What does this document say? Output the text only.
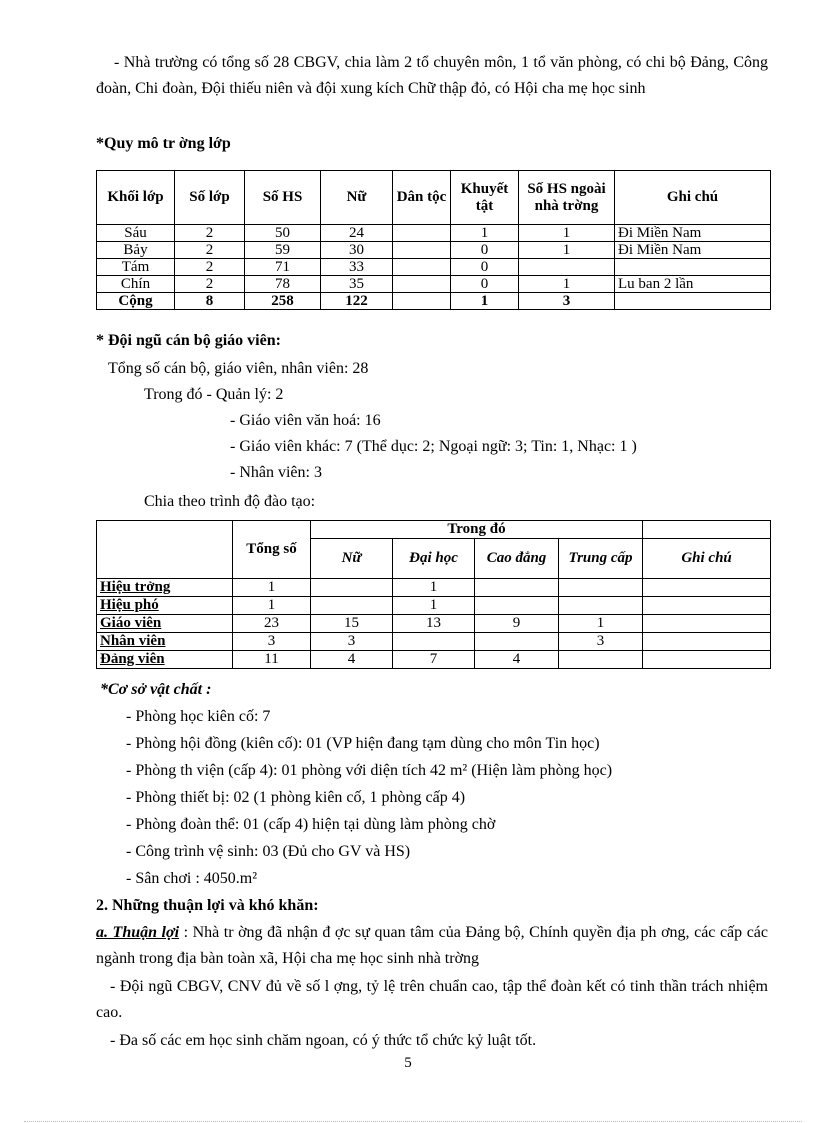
- Nhà trường có tổng số 28 CBGV, chia làm 2 tổ chuyên môn, 1 tổ văn phòng, có chi bộ Đảng, Công đoàn, Chi đoàn, Đội thiếu niên và đội xung kích Chữ thập đỏ, có Hội cha mẹ học sinh
*Quy mô tr ờng lớp
Khối lớp	Số lớp	Số HS	Nữ	Dân tộc	Khuyết tật	Số HS ngoài nhà trờng	Ghi chú
Sáu	2	50	24		1	1	Đi Miền Nam
Bảy	2	59	30		0	1	Đi Miền Nam
Tám	2	71	33		0		
Chín	2	78	35		0	1	Lu ban 2 lần
Cộng	8	258	122		1	3	
* Đội ngũ cán bộ giáo viên:
Tổng số cán bộ, giáo viên, nhân viên: 28
Trong đó - Quản lý: 2
- Giáo viên văn hoá: 16
- Giáo viên khác: 7 (Thể dục: 2; Ngoại ngữ: 3; Tin: 1, Nhạc: 1 )
- Nhân viên: 3
Chia theo trình độ đào tạo:
	Tổng số	Trong đó				
		Nữ	Đại học	Cao đẳng	Trung cấp	Ghi chú
Hiệu trởng	1		1			
Hiệu phó	1		1			
Giáo viên	23	15	13	9	1	
Nhân viên	3	3			3	
Đảng viên	11	4	7	4		
*Cơ sở vật chất :
- Phòng học kiên cố: 7
- Phòng hội đồng (kiên cố): 01 (VP hiện đang tạm dùng cho môn Tin học)
- Phòng th viện (cấp 4): 01 phòng với diện tích 42 m² (Hiện làm phòng học)
- Phòng thiết bị: 02 (1 phòng kiên cố, 1 phòng cấp 4)
- Phòng đoàn thể: 01 (cấp 4) hiện tại dùng làm phòng chờ
- Công trình vệ sinh: 03 (Đủ cho GV và HS)
- Sân chơi : 4050.m²
2. Những thuận lợi và khó khăn:
a. Thuận lợi : Nhà tr ờng đã nhận đ ợc sự quan tâm của Đảng bộ, Chính quyền địa ph ơng, các cấp các ngành trong địa bàn toàn xã, Hội cha mẹ học sinh nhà trờng
- Đội ngũ CBGV, CNV đủ về số l ợng, tỷ lệ trên chuẩn cao, tập thể đoàn kết có tinh thần trách nhiệm cao.
- Đa số các em học sinh chăm ngoan, có ý thức tổ chức kỷ luật tốt.
5
